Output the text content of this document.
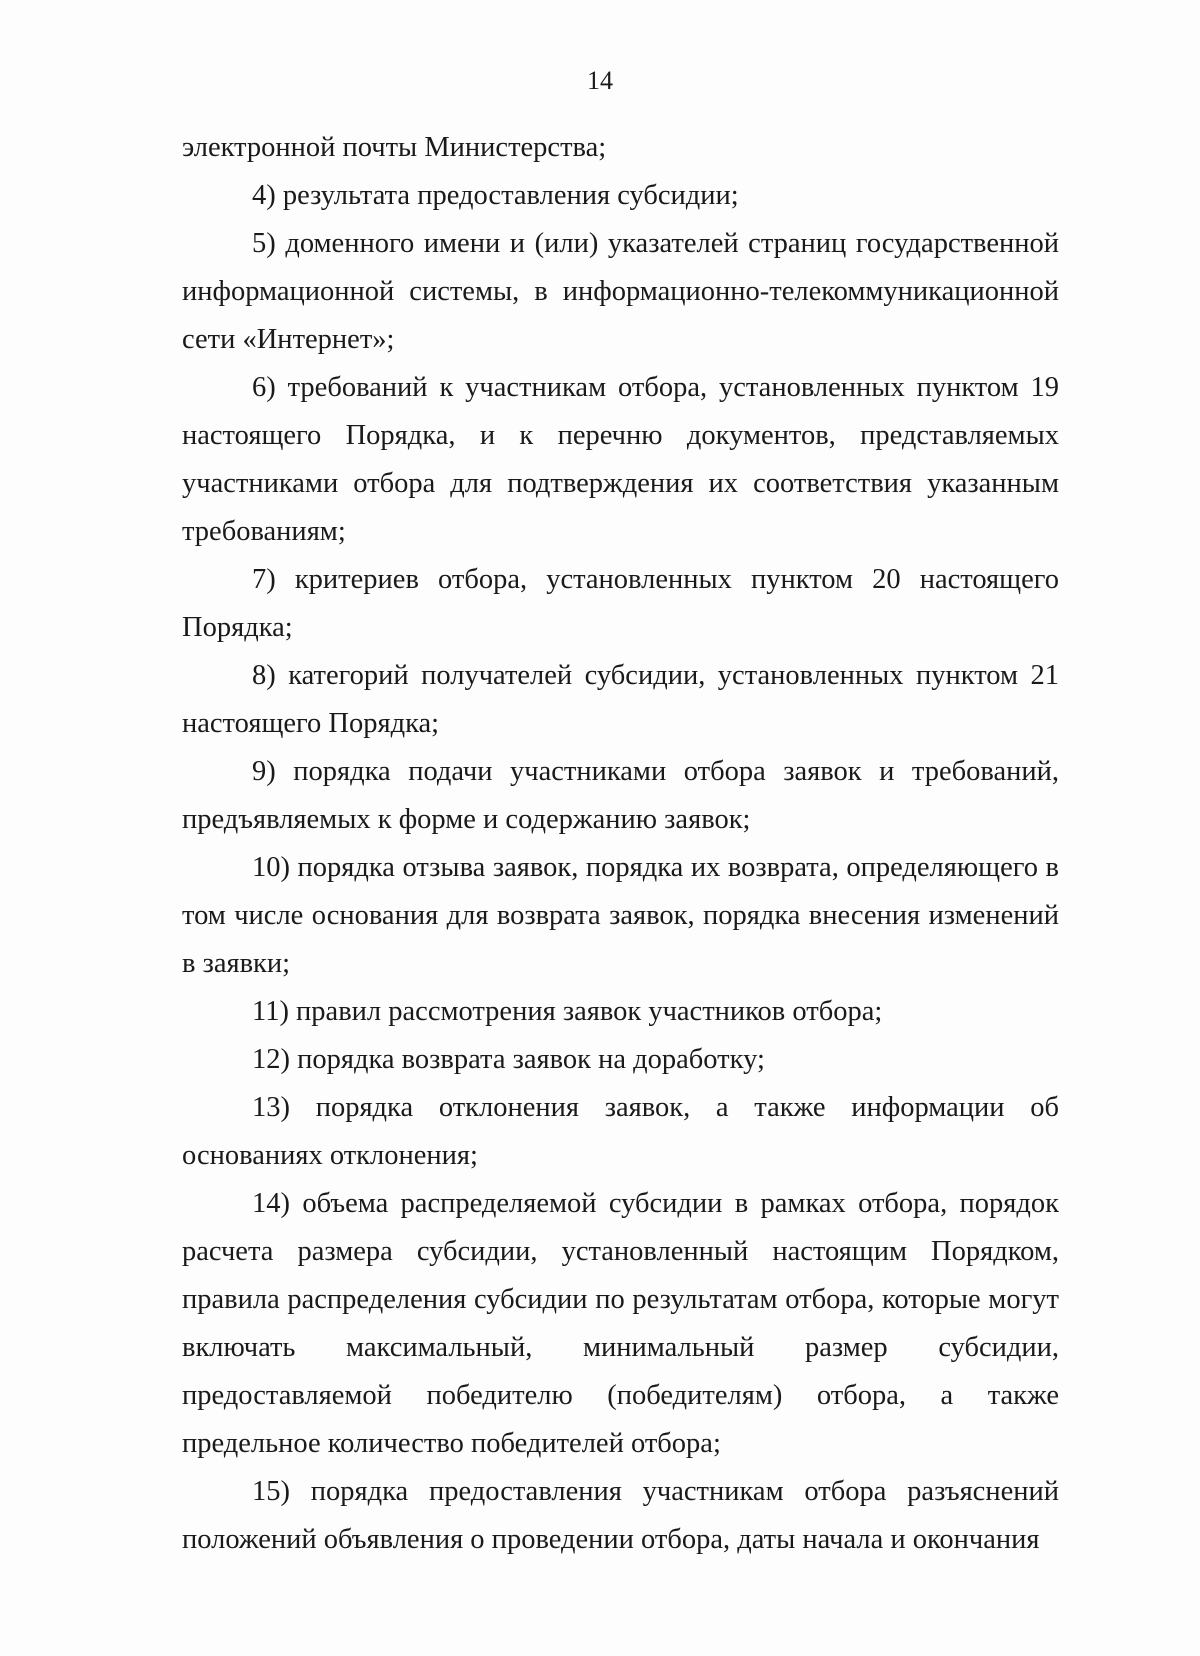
14

электронной почты Министерства;

4) результата предоставления субсидии;

5) доменного имени и (или) указателей страниц государственной информационной системы, в информационно-телекоммуникационной сети «Интернет»;

6) требований к участникам отбора, установленных пунктом 19 настоящего Порядка, и к перечню документов, представляемых участниками отбора для подтверждения их соответствия указанным требованиям;

7) критериев отбора, установленных пунктом 20 настоящего Порядка;

8) категорий получателей субсидии, установленных пунктом 21 настоящего Порядка;

9) порядка подачи участниками отбора заявок и требований, предъявляемых к форме и содержанию заявок;

10) порядка отзыва заявок, порядка их возврата, определяющего в том числе основания для возврата заявок, порядка внесения изменений в заявки;

11) правил рассмотрения заявок участников отбора;

12) порядка возврата заявок на доработку;

13) порядка отклонения заявок, а также информации об основаниях отклонения;

14) объема распределяемой субсидии в рамках отбора, порядок расчета размера субсидии, установленный настоящим Порядком, правила распределения субсидии по результатам отбора, которые могут включать максимальный, минимальный размер субсидии, предоставляемой победителю (победителям) отбора, а также предельное количество победителей отбора;

15) порядка предоставления участникам отбора разъяснений положений объявления о проведении отбора, даты начала и окончания
